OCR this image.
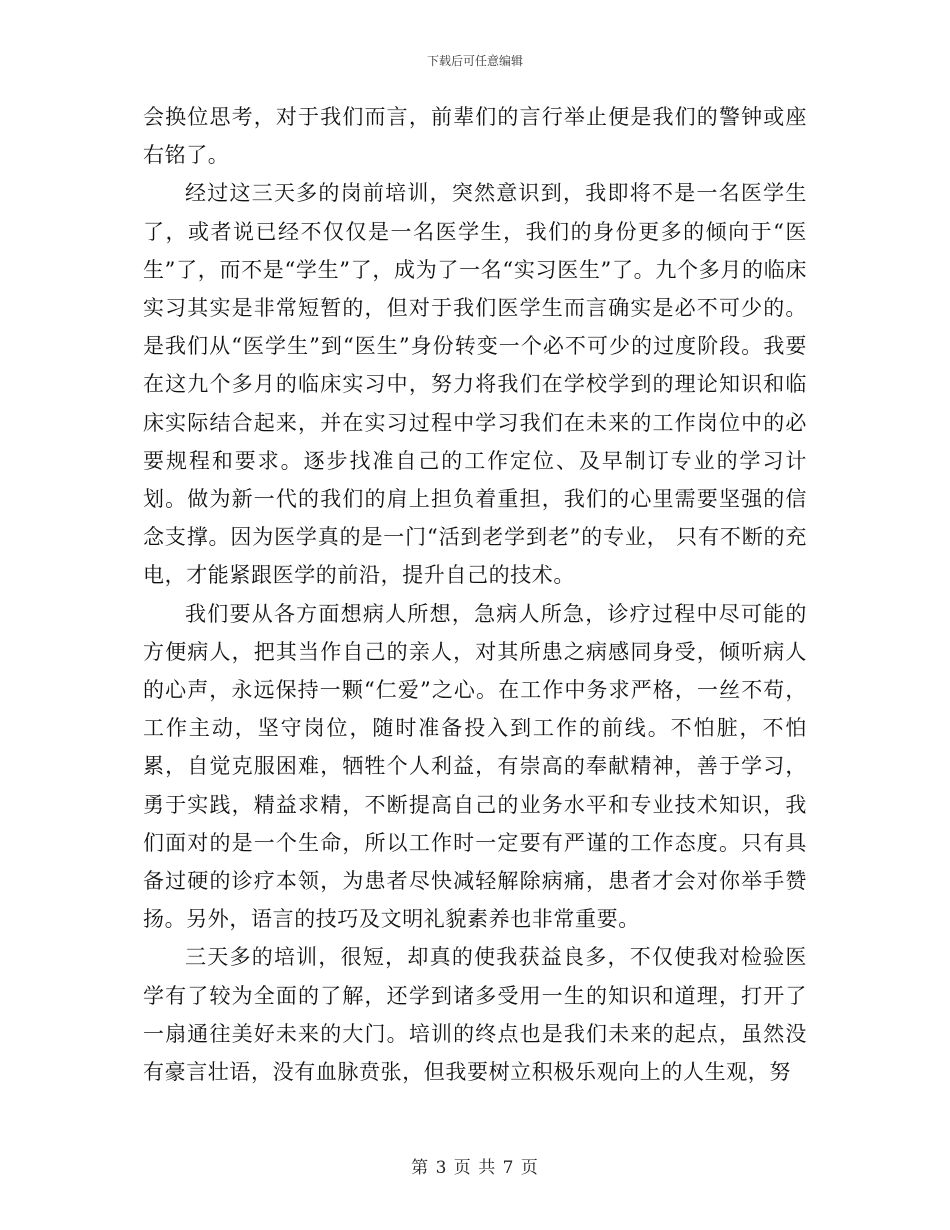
下载后可任意编辑

会换位思考，对于我们而言，前辈们的言行举止便是我们的警钟或座右铭了。

经过这三天多的岗前培训，突然意识到，我即将不是一名医学生了，或者说已经不仅仅是一名医学生，我们的身份更多的倾向于“医生”了，而不是“学生”了，成为了一名“实习医生”了。九个多月的临床实习其实是非常短暂的，但对于我们医学生而言确实是必不可少的。是我们从“医学生”到“医生”身份转变一个必不可少的过度阶段。我要在这九个多月的临床实习中，努力将我们在学校学到的理论知识和临床实际结合起来，并在实习过程中学习我们在未来的工作岗位中的必要规程和要求。逐步找准自己的工作定位、及早制订专业的学习计划。做为新一代的我们的肩上担负着重担，我们的心里需要坚强的信念支撑。因为医学真的是一门“活到老学到老”的专业， 只有不断的充电，才能紧跟医学的前沿，提升自己的技术。

我们要从各方面想病人所想，急病人所急，诊疗过程中尽可能的方便病人，把其当作自己的亲人，对其所患之病感同身受，倾听病人的心声，永远保持一颗“仁爱”之心。在工作中务求严格，一丝不苟，工作主动，坚守岗位，随时准备投入到工作的前线。不怕脏，不怕累，自觉克服困难，牺牲个人利益，有崇高的奉献精神，善于学习，勇于实践，精益求精，不断提高自己的业务水平和专业技术知识，我们面对的是一个生命，所以工作时一定要有严谨的工作态度。只有具备过硬的诊疗本领，为患者尽快减轻解除病痛，患者才会对你举手赞扬。另外，语言的技巧及文明礼貌素养也非常重要。

三天多的培训，很短，却真的使我获益良多，不仅使我对检验医学有了较为全面的了解，还学到诸多受用一生的知识和道理，打开了一扇通往美好未来的大门。培训的终点也是我们未来的起点，虽然没有豪言壮语，没有血脉贲张，但我要树立积极乐观向上的人生观，努

第 3 页 共 7 页
